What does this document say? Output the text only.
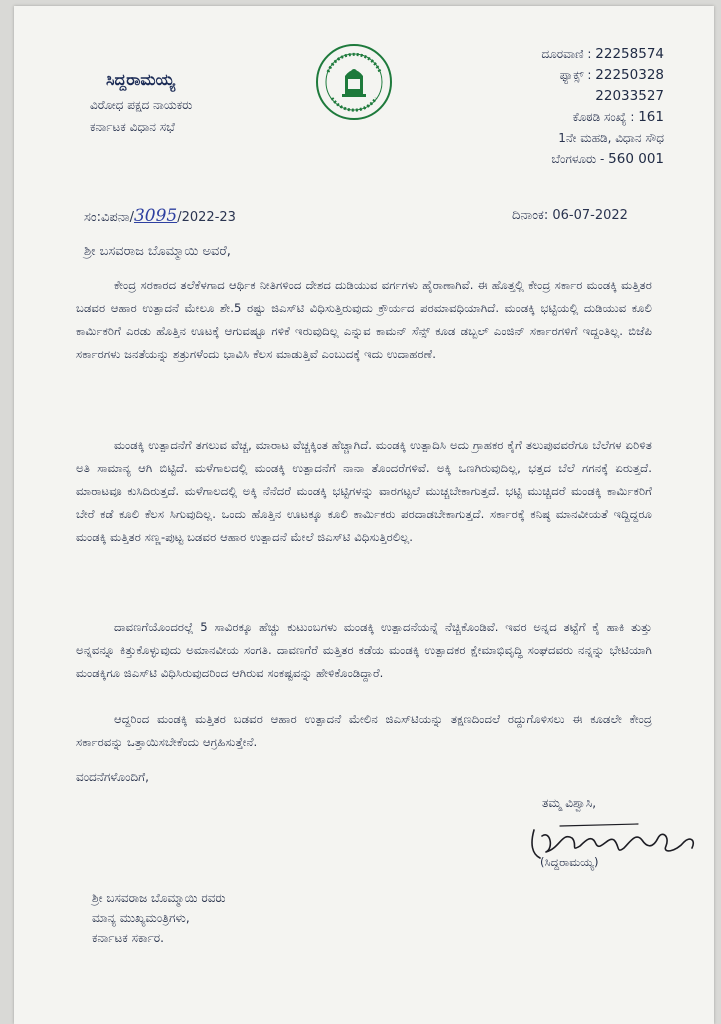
ಸಿದ್ದರಾಮಯ್ಯ
ವಿರೋಧ ಪಕ್ಷದ ನಾಯಕರು
ಕರ್ನಾಟಕ ವಿಧಾನ ಸಭೆ
ದೂರವಾಣಿ : 22258574
ಫ್ಯಾಕ್ಸ್ : 22250328
22033527
ಕೊಠಡಿ ಸಂಖ್ಯೆ : 161
1ನೇ ಮಹಡಿ, ವಿಧಾನ ಸೌಧ
ಬೆಂಗಳೂರು - 560 001
ಸಂ:ವಿಪನಾ/3095/2022-23	ದಿನಾಂಕ: 06-07-2022
ಶ್ರೀ ಬಸವರಾಜ ಬೊಮ್ಮಾಯಿ ಅವರೆ,

ಕೇಂದ್ರ ಸರಕಾರದ ತಲೆಕೆಳಗಾದ ಆರ್ಥಿಕ ನೀತಿಗಳಿಂದ ದೇಶದ ದುಡಿಯುವ ವರ್ಗಗಳು ಹೈರಾಣಾಗಿವೆ. ಈ ಹೊತ್ತಲ್ಲಿ ಕೇಂದ್ರ ಸರ್ಕಾರ ಮಂಡಕ್ಕಿ ಮತ್ತಿತರ ಬಡವರ ಆಹಾರ ಉತ್ಪಾದನೆ ಮೇಲೂ ಶೇ.5 ರಷ್ಟು ಜಿಎಸ್‌ಟಿ ವಿಧಿಸುತ್ತಿರುವುದು ಕ್ರೌರ್ಯದ ಪರಮಾವಧಿಯಾಗಿದೆ. ಮಂಡಕ್ಕಿ ಭಟ್ಟಿಯಲ್ಲಿ ದುಡಿಯುವ ಕೂಲಿ ಕಾರ್ಮಿಕರಿಗೆ ಎರಡು ಹೊತ್ತಿನ ಊಟಕ್ಕೆ ಆಗುವಷ್ಟೂ ಗಳಿಕೆ ಇರುವುದಿಲ್ಲ ಎನ್ನುವ ಕಾಮನ್ ಸೆನ್ಸ್ ಕೂಡ ಡಬ್ಬಲ್ ಎಂಜಿನ್ ಸರ್ಕಾರಗಳಿಗೆ ಇದ್ದಂತಿಲ್ಲ. ಬಿಜೆಪಿ ಸರ್ಕಾರಗಳು ಜನತೆಯನ್ನು ಶತ್ರುಗಳೆಂದು ಭಾವಿಸಿ ಕೆಲಸ ಮಾಡುತ್ತಿವೆ ಎಂಬುದಕ್ಕೆ ಇದು ಉದಾಹರಣೆ.

ಮಂಡಕ್ಕಿ ಉತ್ಪಾದನೆಗೆ ತಗಲುವ ವೆಚ್ಚ, ಮಾರಾಟ ವೆಚ್ಚಕ್ಕಿಂತ ಹೆಚ್ಚಾಗಿದೆ. ಮಂಡಕ್ಕಿ ಉತ್ಪಾದಿಸಿ ಅದು ಗ್ರಾಹಕರ ಕೈಗೆ ತಲುಪುವವರೆಗೂ ಬೆಲೆಗಳ ಏರಿಳಿತ ಅತಿ ಸಾಮಾನ್ಯ ಆಗಿ ಬಿಟ್ಟಿದೆ. ಮಳೆಗಾಲದಲ್ಲಿ ಮಂಡಕ್ಕಿ ಉತ್ಪಾದನೆಗೆ ನಾನಾ ತೊಂದರೆಗಳಿವೆ. ಅಕ್ಕಿ ಒಣಗಿರುವುದಿಲ್ಲ, ಭತ್ತದ ಬೆಲೆ ಗಗನಕ್ಕೆ ಏರುತ್ತದೆ. ಮಾರಾಟವೂ ಕುಸಿದಿರುತ್ತದೆ. ಮಳೆಗಾಲದಲ್ಲಿ ಅಕ್ಕಿ ನೆನೆದರೆ ಮಂಡಕ್ಕಿ ಭಟ್ಟಿಗಳನ್ನು ವಾರಗಟ್ಟಲೆ ಮುಚ್ಚಬೇಕಾಗುತ್ತದೆ. ಭಟ್ಟಿ ಮುಚ್ಚಿದರೆ ಮಂಡಕ್ಕಿ ಕಾರ್ಮಿಕರಿಗೆ ಬೇರೆ ಕಡೆ ಕೂಲಿ ಕೆಲಸ ಸಿಗುವುದಿಲ್ಲ. ಒಂದು ಹೊತ್ತಿನ ಊಟಕ್ಕೂ ಕೂಲಿ ಕಾರ್ಮಿಕರು ಪರದಾಡಬೇಕಾಗುತ್ತದೆ. ಸರ್ಕಾರಕ್ಕೆ ಕನಿಷ್ಠ ಮಾನವೀಯತೆ ಇದ್ದಿದ್ದರೂ ಮಂಡಕ್ಕಿ ಮತ್ತಿತರ ಸಣ್ಣ-ಪುಟ್ಟ ಬಡವರ ಆಹಾರ ಉತ್ಪಾದನೆ ಮೇಲೆ ಜಿಎಸ್‌ಟಿ ವಿಧಿಸುತ್ತಿರಲಿಲ್ಲ.

ದಾವಣಗೆಯೊಂದರಲ್ಲೆ 5 ಸಾವಿರಕ್ಕೂ ಹೆಚ್ಚು ಕುಟುಂಬಗಳು ಮಂಡಕ್ಕಿ ಉತ್ಪಾದನೆಯನ್ನೆ ನೆಚ್ಚಿಕೊಂಡಿವೆ. ಇವರ ಅನ್ನದ ತಟ್ಟೆಗೆ ಕೈ ಹಾಕಿ ತುತ್ತು ಅನ್ನವನ್ನೂ ಕಿತ್ತುಕೊಳ್ಳುವುದು ಅಮಾನವೀಯ ಸಂಗತಿ. ದಾವಣಗೆರೆ ಮತ್ತಿತರ ಕಡೆಯ ಮಂಡಕ್ಕಿ ಉತ್ಪಾದಕರ ಕ್ಷೇಮಾಭಿವೃದ್ಧಿ ಸಂಘದವರು ನನ್ನನ್ನು ಭೇಟಿಯಾಗಿ ಮಂಡಕ್ಕಿಗೂ ಜಿಎಸ್‌ಟಿ ವಿಧಿಸಿರುವುದರಿಂದ ಆಗಿರುವ ಸಂಕಷ್ಟವನ್ನು ಹೇಳಿಕೊಂಡಿದ್ದಾರೆ.

ಆದ್ದರಿಂದ ಮಂಡಕ್ಕಿ ಮತ್ತಿತರ ಬಡವರ ಆಹಾರ ಉತ್ಪಾದನೆ ಮೇಲಿನ ಜಿಎಸ್‌ಟಿಯನ್ನು ತಕ್ಷಣದಿಂದಲೆ ರದ್ದುಗೊಳಿಸಲು ಈ ಕೂಡಲೇ ಕೇಂದ್ರ ಸರ್ಕಾರವನ್ನು ಒತ್ತಾಯಿಸಬೇಕೆಂದು ಆಗ್ರಹಿಸುತ್ತೇನೆ.

ವಂದನೆಗಳೊಂದಿಗೆ,
ತಮ್ಮ ವಿಶ್ವಾಸಿ,
(ಸಿದ್ದರಾಮಯ್ಯ)
ಶ್ರೀ ಬಸವರಾಜ ಬೊಮ್ಮಾಯಿ ರವರು
ಮಾನ್ಯ ಮುಖ್ಯಮಂತ್ರಿಗಳು,
ಕರ್ನಾಟಕ ಸರ್ಕಾರ.
